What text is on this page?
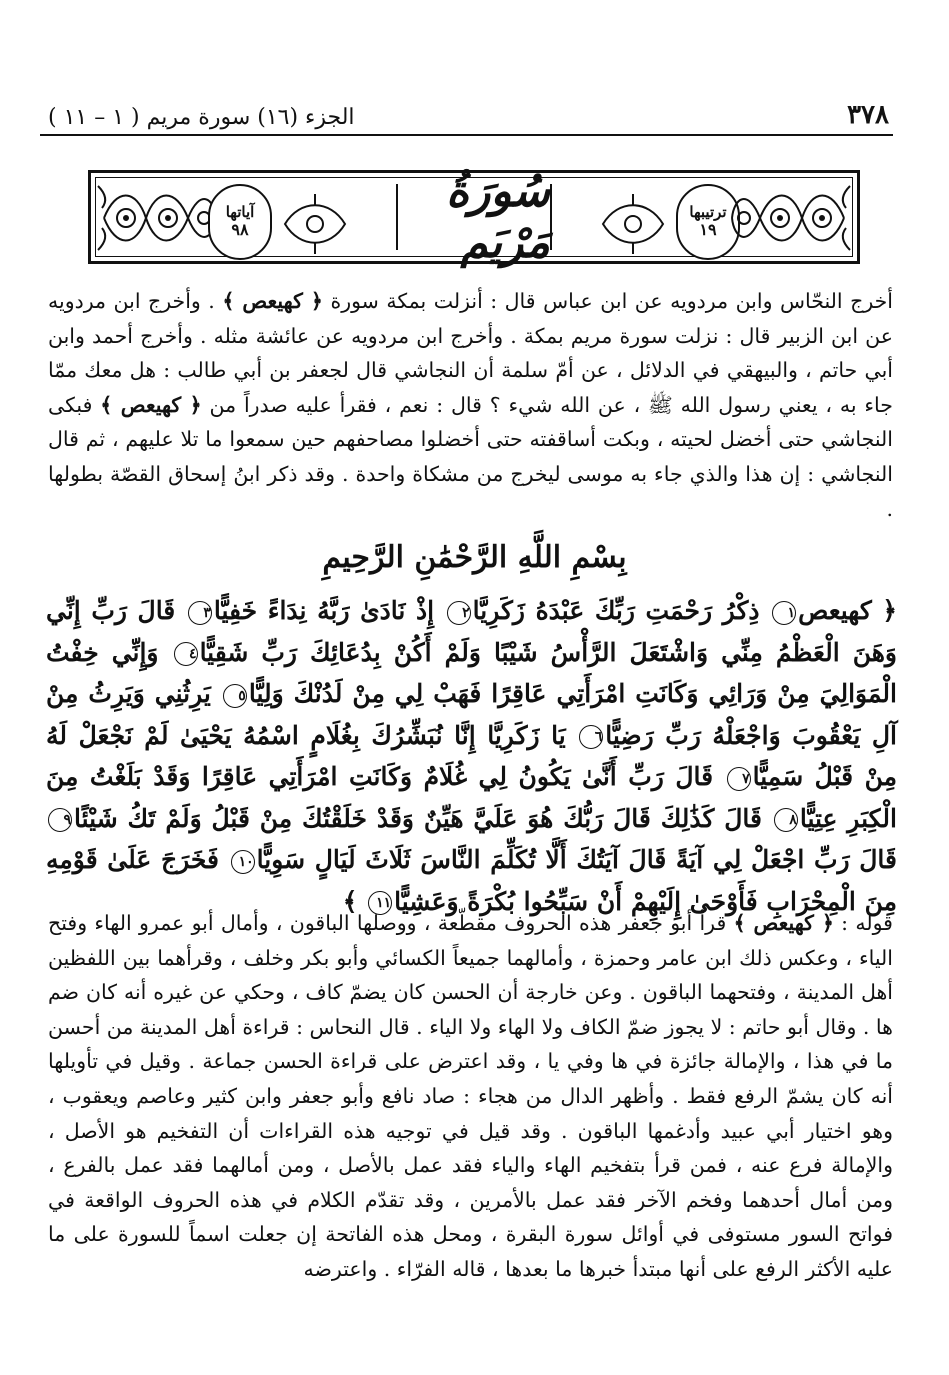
٣٧٨
الجزء (١٦) سورة مريم ( ١ – ١١ )
آياتها
٩٨
سُورَةُ مَرْيَم
ترتيبها
١٩

أخرج النحّاس وابن مردويه عن ابن عباس قال : أنزلت بمكة سورة ﴿ كهيعص ﴾ . وأخرج ابن مردويه عن ابن الزبير قال : نزلت سورة مريم بمكة . وأخرج ابن مردويه عن عائشة مثله . وأخرج أحمد وابن أبي حاتم ، والبيهقي في الدلائل ، عن أمّ سلمة أن النجاشي قال لجعفر بن أبي طالب : هل معك ممّا جاء به ، يعني رسول الله ﷺ ، عن الله شيء ؟ قال : نعم ، فقرأ عليه صدراً من ﴿ كهيعص ﴾ فبكى النجاشي حتى أخضل لحيته ، وبكت أساقفته حتى أخضلوا مصاحفهم حين سمعوا ما تلا عليهم ، ثم قال النجاشي : إن هذا والذي جاء به موسى ليخرج من مشكاة واحدة . وقد ذكر ابنُ إسحاق القصّة بطولها .

بِسْمِ اللَّهِ الرَّحْمَٰنِ الرَّحِيمِ

﴿ كهيعص١ ذِكْرُ رَحْمَتِ رَبِّكَ عَبْدَهُ زَكَرِيَّا٢ إِذْ نَادَىٰ رَبَّهُ نِدَاءً خَفِيًّا٣ قَالَ رَبِّ إِنِّي وَهَنَ الْعَظْمُ مِنِّي وَاشْتَعَلَ الرَّأْسُ شَيْبًا وَلَمْ أَكُنْ بِدُعَائِكَ رَبِّ شَقِيًّا٤ وَإِنِّي خِفْتُ الْمَوَالِيَ مِنْ وَرَائِي وَكَانَتِ امْرَأَتِي عَاقِرًا فَهَبْ لِي مِنْ لَدُنْكَ وَلِيًّا٥ يَرِثُنِي وَيَرِثُ مِنْ آلِ يَعْقُوبَ وَاجْعَلْهُ رَبِّ رَضِيًّا٦ يَا زَكَرِيَّا إِنَّا نُبَشِّرُكَ بِغُلَامٍ اسْمُهُ يَحْيَىٰ لَمْ نَجْعَلْ لَهُ مِنْ قَبْلُ سَمِيًّا٧ قَالَ رَبِّ أَنَّىٰ يَكُونُ لِي غُلَامٌ وَكَانَتِ امْرَأَتِي عَاقِرًا وَقَدْ بَلَغْتُ مِنَ الْكِبَرِ عِتِيًّا٨ قَالَ كَذَٰلِكَ قَالَ رَبُّكَ هُوَ عَلَيَّ هَيِّنٌ وَقَدْ خَلَقْتُكَ مِنْ قَبْلُ وَلَمْ تَكُ شَيْئًا٩ قَالَ رَبِّ اجْعَلْ لِي آيَةً قَالَ آيَتُكَ أَلَّا تُكَلِّمَ النَّاسَ ثَلَاثَ لَيَالٍ سَوِيًّا١٠ فَخَرَجَ عَلَىٰ قَوْمِهِ مِنَ الْمِحْرَابِ فَأَوْحَىٰ إِلَيْهِمْ أَنْ سَبِّحُوا بُكْرَةً وَعَشِيًّا١١ ﴾

قوله : ﴿ كهيعص ﴾ قرأ أبو جعفر هذه الحروف مقطّعة ، ووصلها الباقون ، وأمال أبو عمرو الهاء وفتح الياء ، وعكس ذلك ابن عامر وحمزة ، وأمالهما جميعاً الكسائي وأبو بكر وخلف ، وقرأهما بين اللفظين أهل المدينة ، وفتحهما الباقون . وعن خارجة أن الحسن كان يضمّ كاف ، وحكي عن غيره أنه كان ضم ها . وقال أبو حاتم : لا يجوز ضمّ الكاف ولا الهاء ولا الياء . قال النحاس : قراءة أهل المدينة من أحسن ما في هذا ، والإمالة جائزة في ها وفي يا ، وقد اعترض على قراءة الحسن جماعة . وقيل في تأويلها أنه كان يشمّ الرفع فقط . وأظهر الدال من هجاء : صاد نافع وأبو جعفر وابن كثير وعاصم ويعقوب ، وهو اختيار أبي عبيد وأدغمها الباقون . وقد قيل في توجيه هذه القراءات أن التفخيم هو الأصل ، والإمالة فرع عنه ، فمن قرأ بتفخيم الهاء والياء فقد عمل بالأصل ، ومن أمالهما فقد عمل بالفرع ، ومن أمال أحدهما وفخم الآخر فقد عمل بالأمرين ، وقد تقدّم الكلام في هذه الحروف الواقعة في فواتح السور مستوفى في أوائل سورة البقرة ، ومحل هذه الفاتحة إن جعلت اسماً للسورة على ما عليه الأكثر الرفع على أنها مبتدأ خبرها ما بعدها ، قاله الفرّاء . واعترضه
